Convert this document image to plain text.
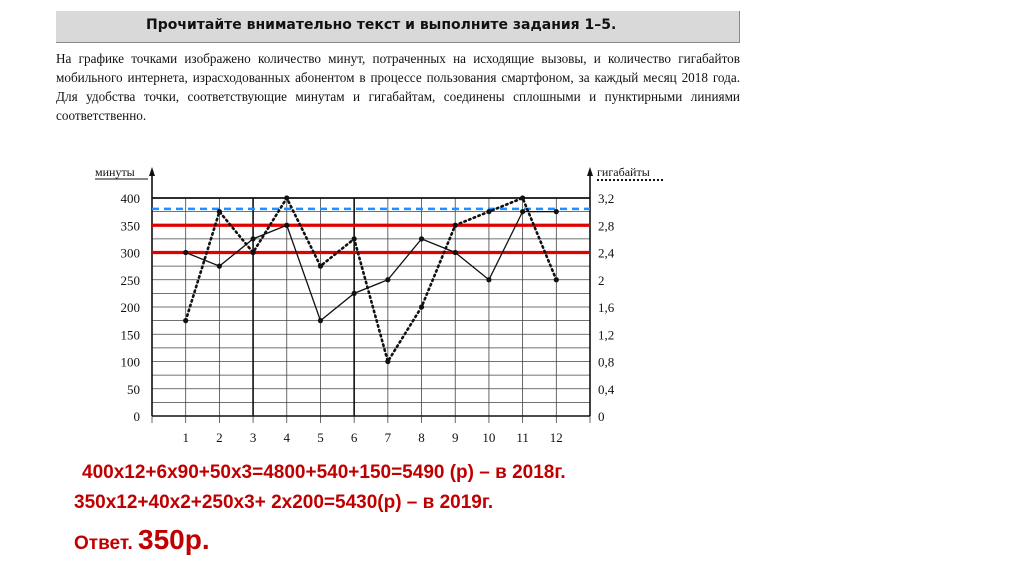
Прочитайте внимательно текст и выполните задания 1–5.

На графике точками изображено количество минут, потраченных на исходящие вызовы, и количество гигабайтов мобильного интернета, израсходованных абонентом в процессе пользования смартфоном, за каждый месяц 2018 года. Для удобства точки, соответствующие минутам и гигабайтам, соединены сплошными и пунктирными линиями соответственно.

минуты	гигабайты
0
50
100
150
200
250
300
350
400
0
0,4
0,8
1,2
1,6
2
2,4
2,8
3,2
1 2 3 4 5 6 7 8 9 10 11 12

400х12+6х90+50х3=4800+540+150=5490 (р) – в 2018г.

350х12+40х2+250х3+ 2х200=5430(р) – в 2019г.

Ответ. 350р.
